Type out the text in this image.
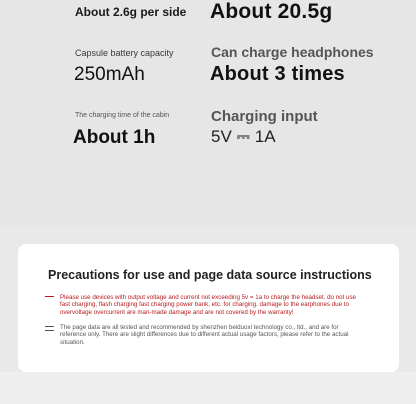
About 2.6g per side About 20.5g
Capsule battery capacity
250mAh
Can charge headphones
About 3 times
The charging time of the cabin
About 1h
Charging input
5V ⎓ 1A
Precautions for use and page data source instructions
Please use devices with output voltage and current not exceeding 5v = 1a to charge the headset. do not use fast charging, flash charging fast charging power bank, etc. for charging. damage to the earphones due to overvoltage overcurrent are man-made damage and are not covered by the warranty!
The page data are all tested and recommended by shenzhen beiduoxi technology co., ltd., and are for reference only. There are slight differences due to different actual usage factors, please refer to the actual situation.
